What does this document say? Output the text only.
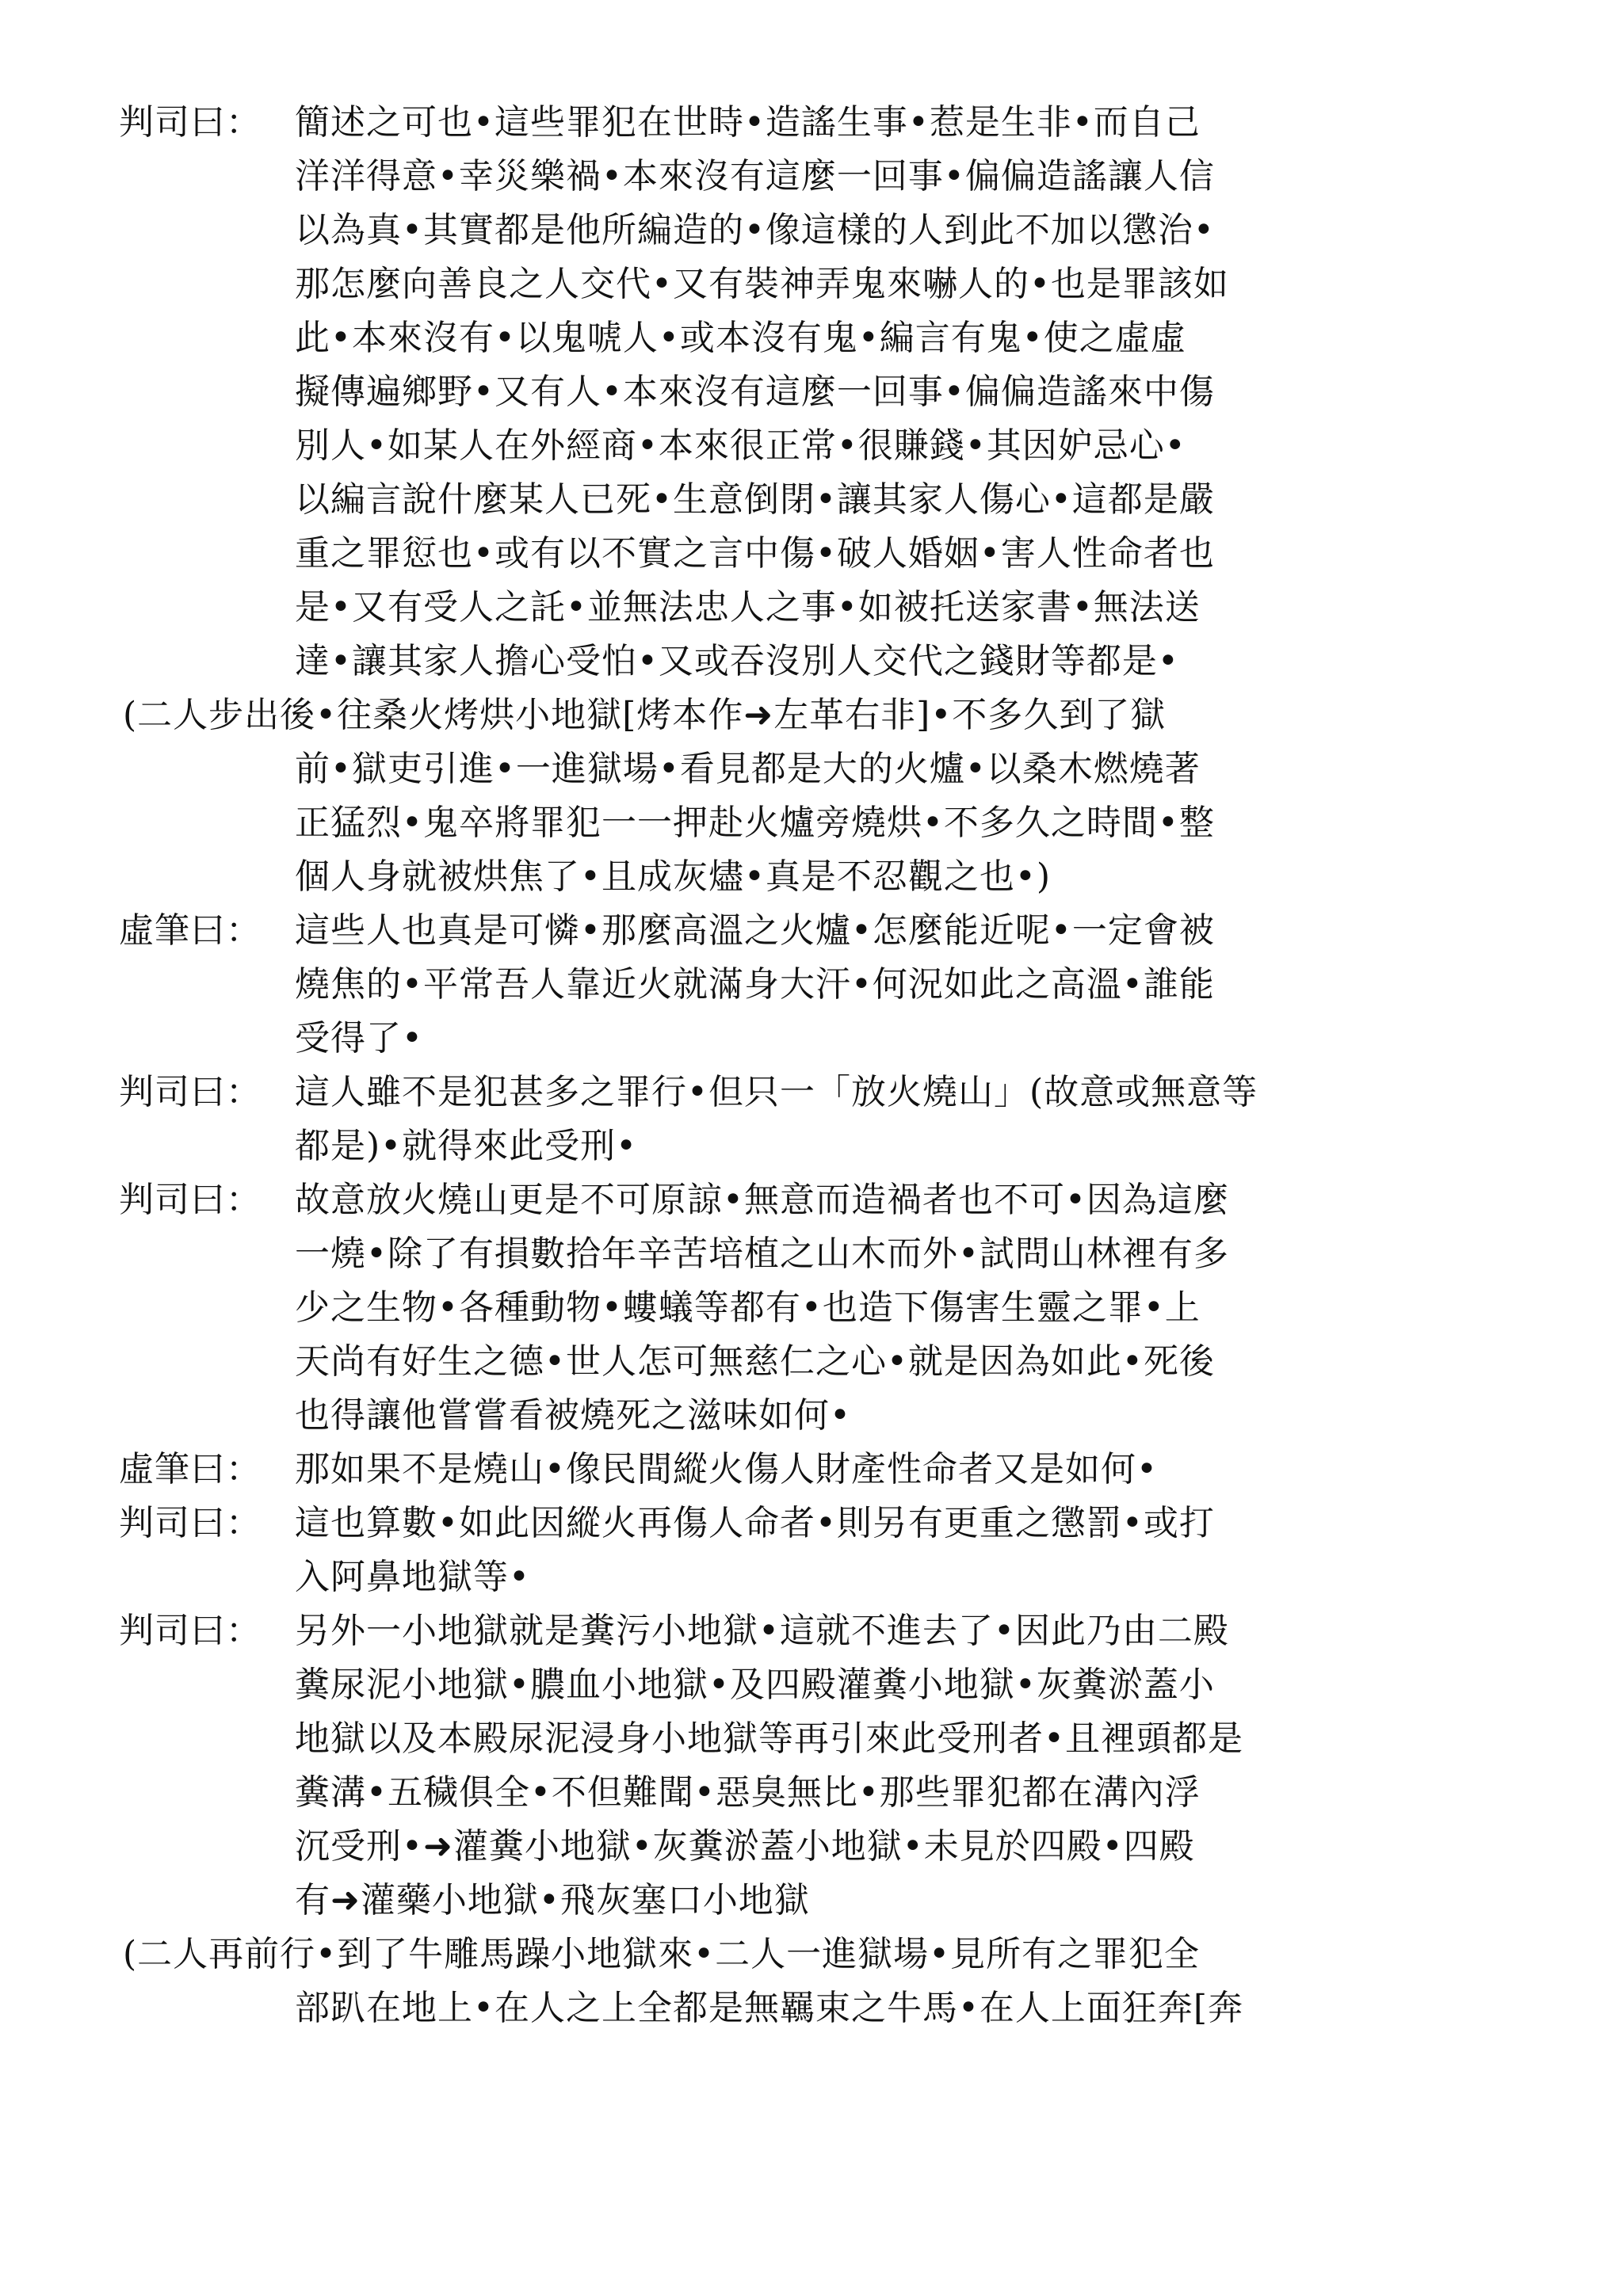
判司曰： 簡述之可也•這些罪犯在世時•造謠生事•惹是生非•而自己
洋洋得意•幸災樂禍•本來沒有這麼一回事•偏偏造謠讓人信
以為真•其實都是他所編造的•像這樣的人到此不加以懲治•
那怎麼向善良之人交代•又有裝神弄鬼來嚇人的•也是罪該如
此•本來沒有•以鬼唬人•或本沒有鬼•編言有鬼•使之虛虛
擬傳遍鄉野•又有人•本來沒有這麼一回事•偏偏造謠來中傷
別人•如某人在外經商•本來很正常•很賺錢•其因妒忌心•
以編言說什麼某人已死•生意倒閉•讓其家人傷心•這都是嚴
重之罪愆也•或有以不實之言中傷•破人婚姻•害人性命者也
是•又有受人之託•並無法忠人之事•如被托送家書•無法送
達•讓其家人擔心受怕•又或吞沒別人交代之錢財等都是•
(二人步出後•往桑火烤烘小地獄[烤本作➜左革右非]•不多久到了獄
前•獄吏引進•一進獄場•看見都是大的火爐•以桑木燃燒著
正猛烈•鬼卒將罪犯一一押赴火爐旁燒烘•不多久之時間•整
個人身就被烘焦了•且成灰燼•真是不忍觀之也•)
虛筆曰： 這些人也真是可憐•那麼高溫之火爐•怎麼能近呢•一定會被
燒焦的•平常吾人靠近火就滿身大汗•何況如此之高溫•誰能
受得了•
判司曰： 這人雖不是犯甚多之罪行•但只一「放火燒山」(故意或無意等
都是)•就得來此受刑•
判司曰： 故意放火燒山更是不可原諒•無意而造禍者也不可•因為這麼
一燒•除了有損數拾年辛苦培植之山木而外•試問山林裡有多
少之生物•各種動物•螻蟻等都有•也造下傷害生靈之罪•上
天尚有好生之德•世人怎可無慈仁之心•就是因為如此•死後
也得讓他嘗嘗看被燒死之滋味如何•
虛筆曰： 那如果不是燒山•像民間縱火傷人財產性命者又是如何•
判司曰： 這也算數•如此因縱火再傷人命者•則另有更重之懲罰•或打
入阿鼻地獄等•
判司曰： 另外一小地獄就是糞污小地獄•這就不進去了•因此乃由二殿
糞尿泥小地獄•膿血小地獄•及四殿灌糞小地獄•灰糞淤蓋小
地獄以及本殿尿泥浸身小地獄等再引來此受刑者•且裡頭都是
糞溝•五穢俱全•不但難聞•惡臭無比•那些罪犯都在溝內浮
沉受刑•➜灌糞小地獄•灰糞淤蓋小地獄•未見於四殿•四殿
有➜灌藥小地獄•飛灰塞口小地獄
(二人再前行•到了牛雕馬躁小地獄來•二人一進獄場•見所有之罪犯全
部趴在地上•在人之上全都是無羈束之牛馬•在人上面狂奔[奔
